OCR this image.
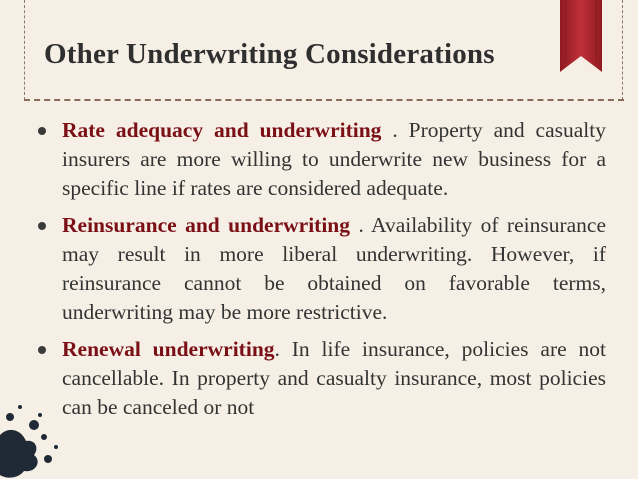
Other Underwriting Considerations
Rate adequacy and underwriting . Property and casualty insurers are more willing to underwrite new business for a specific line if rates are considered adequate.
Reinsurance and underwriting . Availability of reinsurance may result in more liberal underwriting. However, if reinsurance cannot be obtained on favorable terms, underwriting may be more restrictive.
Renewal underwriting. In life insurance, policies are not cancellable. In property and casualty insurance, most policies can be canceled or not
